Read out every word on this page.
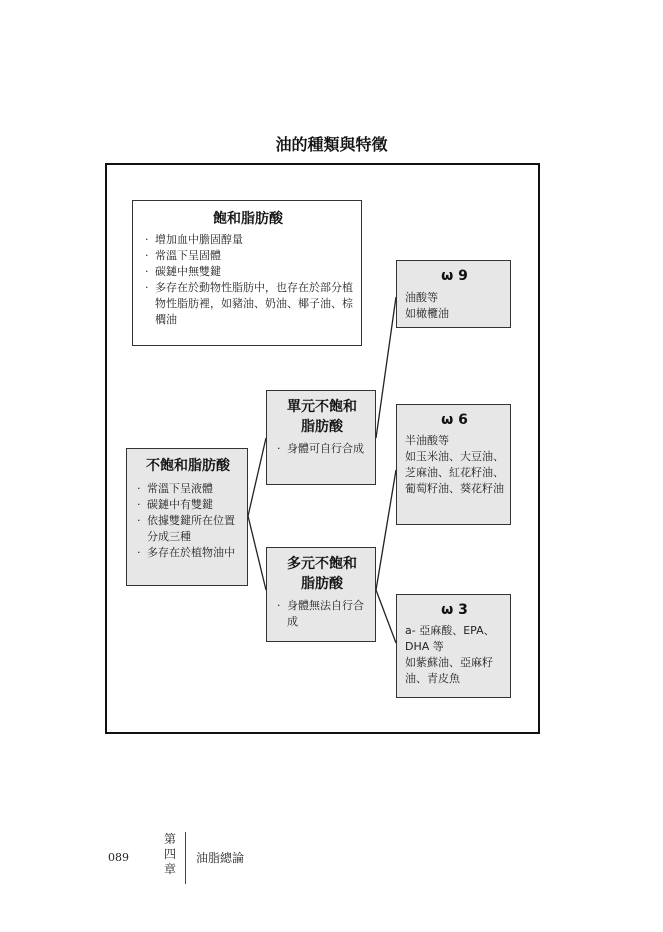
油的種類與特徵
飽和脂肪酸
· 增加血中膽固醇量
· 常溫下呈固體
· 碳鏈中無雙鍵
· 多存在於動物性脂肪中，也存在於部分植物性脂肪裡，如豬油、奶油、椰子油、棕櫚油
不飽和脂肪酸
· 常溫下呈液體
· 碳鏈中有雙鍵
· 依據雙鍵所在位置分成三種
· 多存在於植物油中
單元不飽和
脂肪酸
· 身體可自行合成
多元不飽和
脂肪酸
· 身體無法自行合成
ω 9

油酸等

如橄欖油

ω 6

半油酸等

如玉米油、大豆油、芝麻油、紅花籽油、葡萄籽油、葵花籽油

ω 3

a- 亞麻酸、EPA、DHA 等

如紫蘇油、亞麻籽油、青皮魚

089
第
四
章
油脂總論
